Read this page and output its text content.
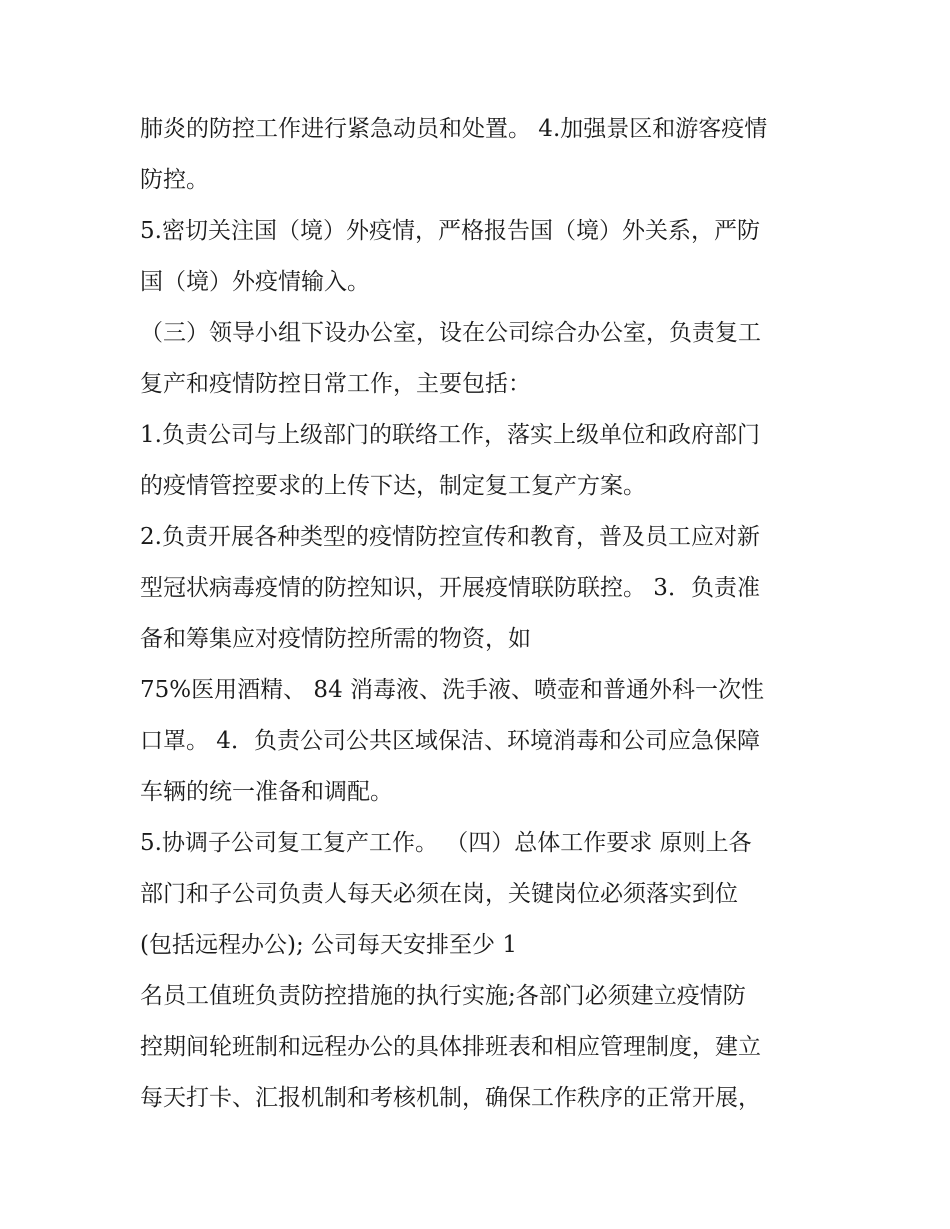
肺炎的防控工作进行紧急动员和处置。 4.加强景区和游客疫情
防控。
5.密切关注国（境）外疫情，严格报告国（境）外关系，严防
国（境）外疫情输入。
（三）领导小组下设办公室，设在公司综合办公室，负责复工
复产和疫情防控日常工作，主要包括：
1.负责公司与上级部门的联络工作，落实上级单位和政府部门
的疫情管控要求的上传下达，制定复工复产方案。
2.负责开展各种类型的疫情防控宣传和教育，普及员工应对新
型冠状病毒疫情的防控知识，开展疫情联防联控。 3．负责准
备和筹集应对疫情防控所需的物资，如
75%医用酒精、 84 消毒液、洗手液、喷壶和普通外科一次性
口罩。 4．负责公司公共区域保洁、环境消毒和公司应急保障
车辆的统一准备和调配。
5.协调子公司复工复产工作。 （四）总体工作要求 原则上各
部门和子公司负责人每天必须在岗，关键岗位必须落实到位
(包括远程办公); 公司每天安排至少 1
名员工值班负责防控措施的执行实施;各部门必须建立疫情防
控期间轮班制和远程办公的具体排班表和相应管理制度，建立
每天打卡、汇报机制和考核机制，确保工作秩序的正常开展，
